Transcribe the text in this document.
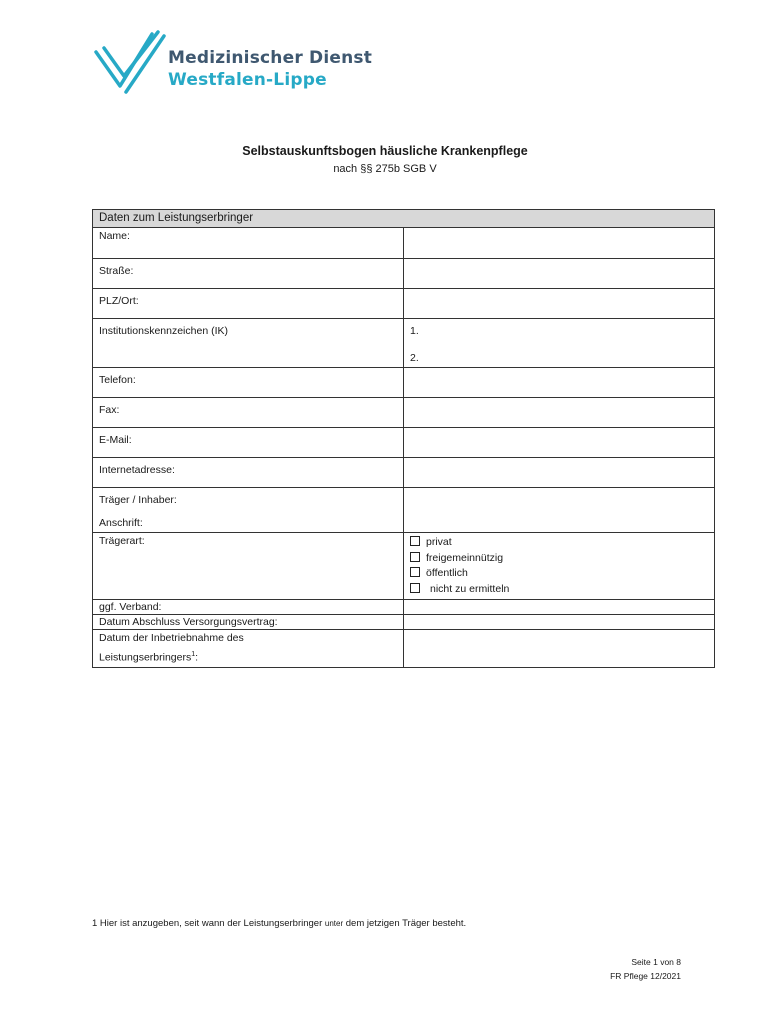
Medizinischer Dienst
Westfalen-Lippe
Selbstauskunftsbogen häusliche Krankenpflege
nach §§ 275b SGB V
Daten zum Leistungserbringer	
Name:	
Straße:	
PLZ/Ort:	
Institutionskennzeichen (IK)	1.
2.

Telefon:	
Fax:	
E-Mail:	
Internetadresse:	

Träger / Inhaber:
Anschrift:	

Trägerart:	privat
freigemeinnützig
öffentlich
nicht zu ermitteln

ggf. Verband:	
Datum Abschluss Versorgungsvertrag:	

Datum der Inbetriebnahme des
Leistungserbringers$^1$:	

1 Hier ist anzugeben, seit wann der Leistungserbringer unter dem jetzigen Träger besteht.
Seite 1 von 8
FR Pflege 12/2021
